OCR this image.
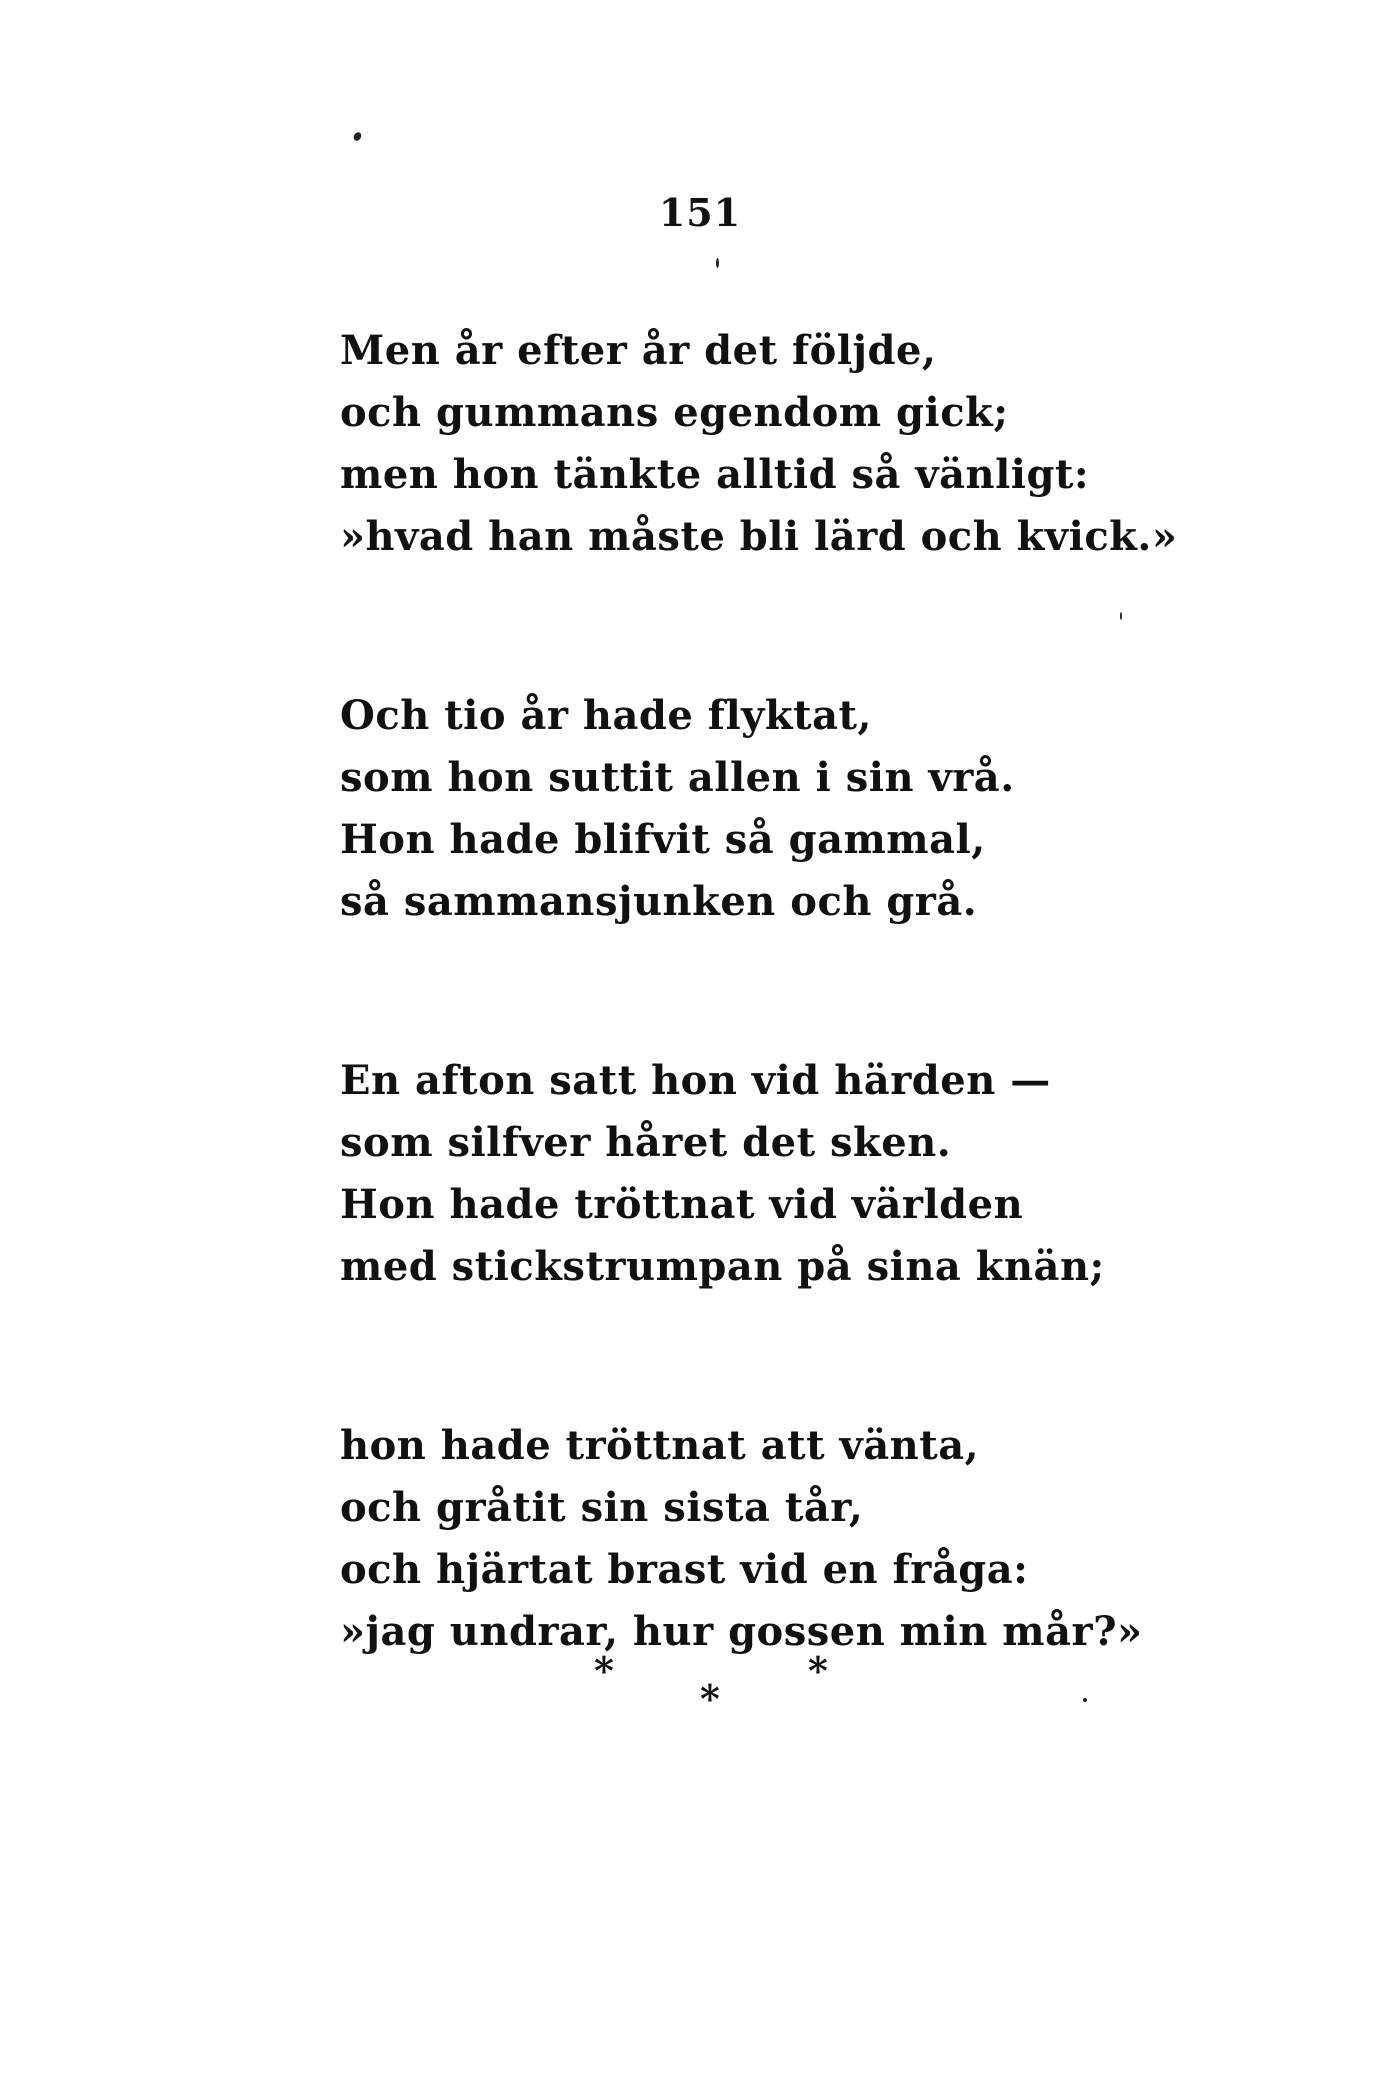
151
Men år efter år det följde,
och gummans egendom gick;
men hon tänkte alltid så vänligt:
»hvad han måste bli lärd och kvick.»
Och tio år hade flyktat,
som hon suttit allen i sin vrå.
Hon hade blifvit så gammal,
så sammansjunken och grå.
En afton satt hon vid härden —
som silfver håret det sken.
Hon hade tröttnat vid världen
med stickstrumpan på sina knän;
hon hade tröttnat att vänta,
och gråtit sin sista tår,
och hjärtat brast vid en fråga:
»jag undrar, hur gossen min mår?»
*	*
*
